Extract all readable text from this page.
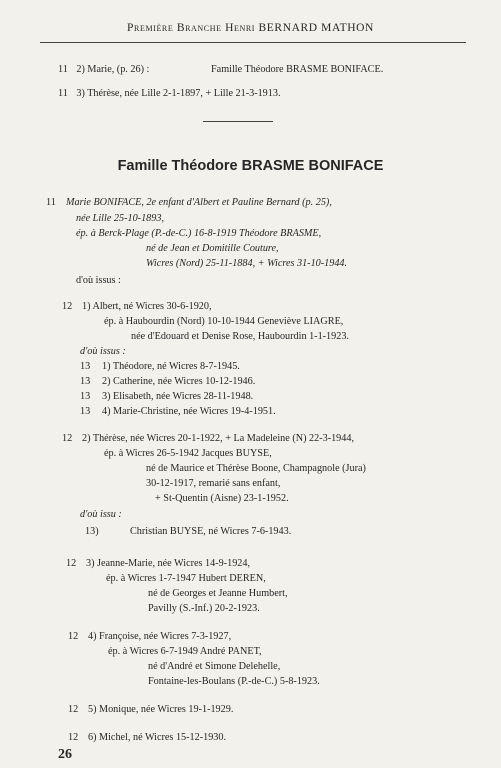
Première Branche Henri BERNARD MATHON
11 2) Marie, (p. 26) :	Famille Théodore BRASME BONIFACE.
11 3) Thérèse, née Lille 2-1-1897, + Lille 21-3-1913.
Famille Théodore BRASME BONIFACE
11 Marie BONIFACE, 2e enfant d'Albert et Pauline Bernard (p. 25),
née Lille 25-10-1893,
ép. à Berck-Plage (P.-de-C.) 16-8-1919 Théodore BRASME,
né de Jean et Domitille Couture,
Wicres (Nord) 25-11-1884, + Wicres 31-10-1944.
d'où issus :
12 1) Albert, né Wicres 30-6-1920,
ép. à Haubourdin (Nord) 10-10-1944 Geneviève LIAGRE,
née d'Edouard et Denise Rose, Haubourdin 1-1-1923.
d'où issus :
13 1) Théodore, né Wicres 8-7-1945.
13 2) Catherine, née Wicres 10-12-1946.
13 3) Elisabeth, née Wicres 28-11-1948.
13 4) Marie-Christine, née Wicres 19-4-1951.
12 2) Thérèse, née Wicres 20-1-1922, + La Madeleine (N) 22-3-1944,
ép. à Wicres 26-5-1942 Jacques BUYSE,
né de Maurice et Thérèse Boone, Champagnole (Jura)
30-12-1917, remarié sans enfant,
+ St-Quentin (Aisne) 23-1-1952.
d'où issu :
13)	Christian BUYSE, né Wicres 7-6-1943.
12 3) Jeanne-Marie, née Wicres 14-9-1924,
ép. à Wicres 1-7-1947 Hubert DEREN,
né de Georges et Jeanne Humbert,
Pavilly (S.-Inf.) 20-2-1923.
12 4) Françoise, née Wicres 7-3-1927,
ép. à Wicres 6-7-1949 André PANET,
né d'André et Simone Delehelle,
Fontaine-les-Boulans (P.-de-C.) 5-8-1923.
12 5) Monique, née Wicres 19-1-1929.
12 6) Michel, né Wicres 15-12-1930.
26
